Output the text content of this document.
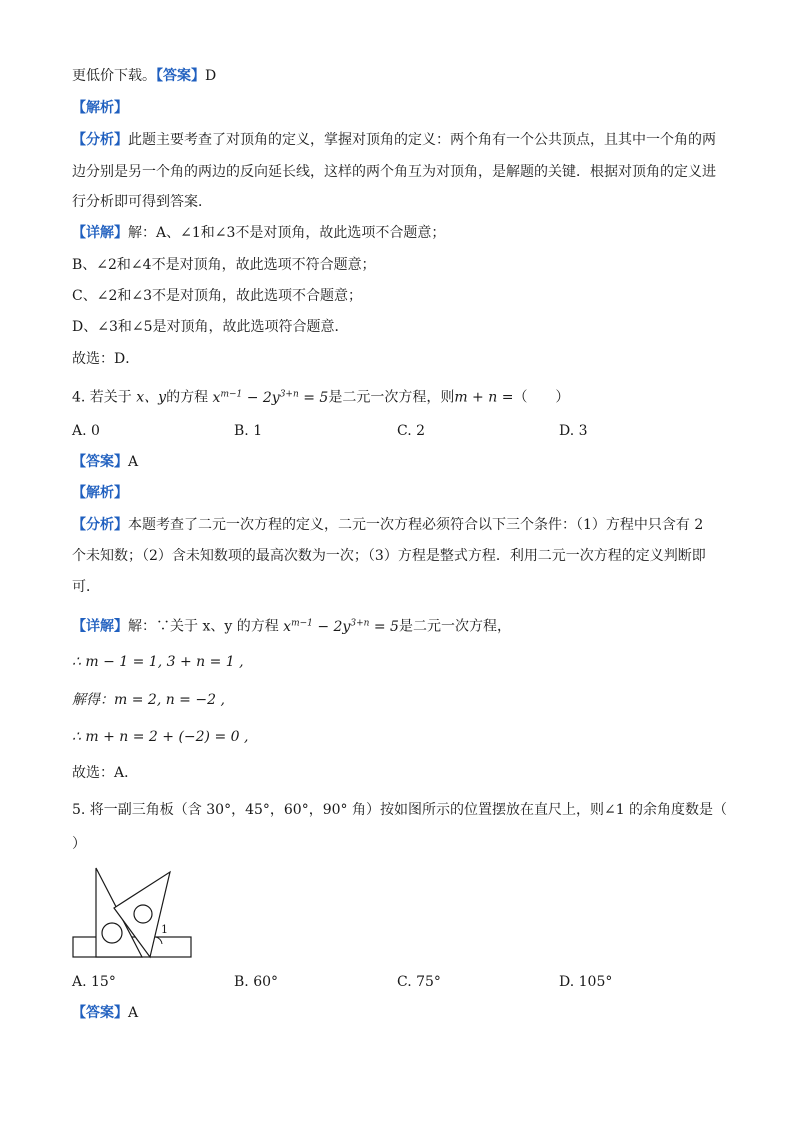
更低价下载。【答案】D
【解析】
【分析】此题主要考查了对顶角的定义，掌握对顶角的定义：两个角有一个公共顶点，且其中一个角的两
边分别是另一个角的两边的反向延长线，这样的两个角互为对顶角，是解题的关键．根据对顶角的定义进
行分析即可得到答案．
【详解】解：A、∠1和∠3不是对顶角，故此选项不合题意；
B、∠2和∠4不是对顶角，故此选项不符合题意；
C、∠2和∠3不是对顶角，故此选项不合题意；
D、∠3和∠5是对顶角，故此选项符合题意．
故选：D．
4. 若关于 x、y的方程 $x^{m-1} - 2y^{3+n} = 5$是二元一次方程，则m + n =（　　）
A. 0	B. 1	C. 2	D. 3
【答案】A
【解析】
【分析】本题考查了二元一次方程的定义，二元一次方程必须符合以下三个条件：（1）方程中只含有 2
个未知数；（2）含未知数项的最高次数为一次；（3）方程是整式方程．利用二元一次方程的定义判断即
可．
【详解】解：∵关于 x、y 的方程 $x^{m-1} - 2y^{3+n} = 5$是二元一次方程，
∴ m − 1 = 1, 3 + n = 1 ,
解得：m = 2, n = −2 ,
∴ m + n = 2 + (−2) = 0 ,
故选：A．
5. 将一副三角板（含 30°，45°，60°，90° 角）按如图所示的位置摆放在直尺上，则∠1 的余角度数是（
）
1
A. 15°	B. 60°	C. 75°	D. 105°
【答案】A
